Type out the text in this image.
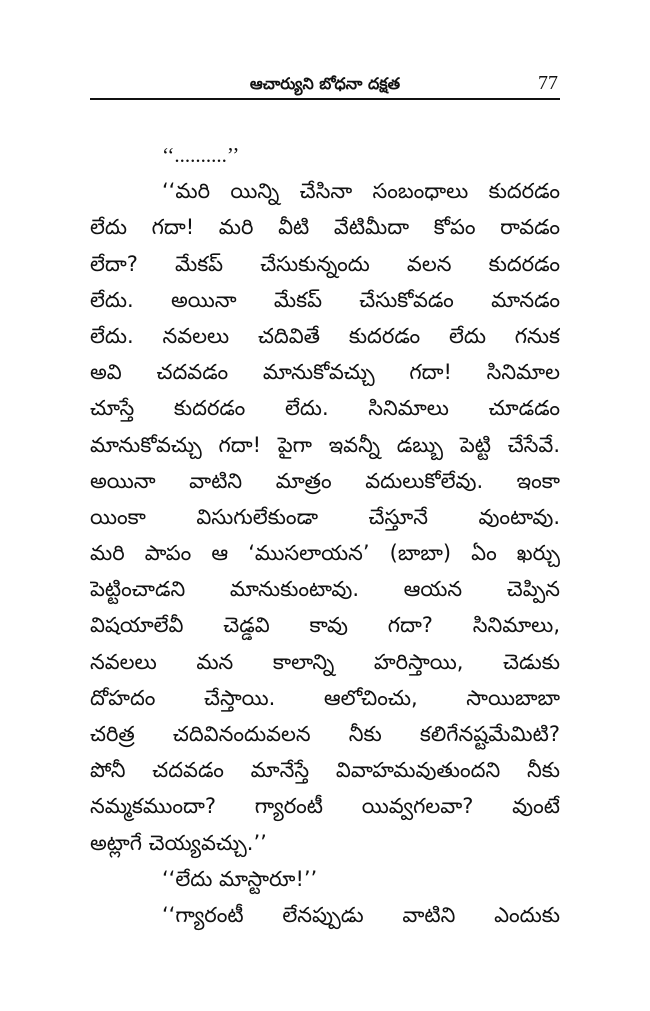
ఆచార్యుని బోధనా దక్షత	77
‘‘..........’’
‘‘మరి యిన్ని చేసినా సంబంధాలు కుదరడం
లేదు గదా! మరి వీటి వేటిమీదా కోపం రావడం
లేదా? మేకప్ చేసుకున్నందు వలన కుదరడం
లేదు. అయినా మేకప్ చేసుకోవడం మానడం
లేదు. నవలలు చదివితే కుదరడం లేదు గనుక
అవి చదవడం మానుకోవచ్చు గదా! సినిమాల
చూస్తే కుదరడం లేదు. సినిమాలు చూడడం
మానుకోవచ్చు గదా! పైగా ఇవన్నీ డబ్బు పెట్టి చేసేవే.
అయినా వాటిని మాత్రం వదులుకోలేవు. ఇంకా
యింకా విసుగులేకుండా చేస్తూనే వుంటావు.
మరి పాపం ఆ ‘ముసలాయన’ (బాబా) ఏం ఖర్చు
పెట్టించాడని మానుకుంటావు. ఆయన చెప్పిన
విషయాలేవీ చెడ్డవి కావు గదా? సినిమాలు,
నవలలు మన కాలాన్ని హరిస్తాయి, చెడుకు
దోహదం చేస్తాయి. ఆలోచించు, సాయిబాబా
చరిత్ర చదివినందువలన నీకు కలిగేనష్టమేమిటి?
పోనీ చదవడం మానేస్తే వివాహమవుతుందని నీకు
నమ్మకముందా? గ్యారంటీ యివ్వగలవా? వుంటే
అట్లాగే చెయ్యవచ్చు.’’
‘‘లేదు మాస్టారూ!’’
‘‘గ్యారంటీ లేనప్పుడు వాటిని ఎందుకు
